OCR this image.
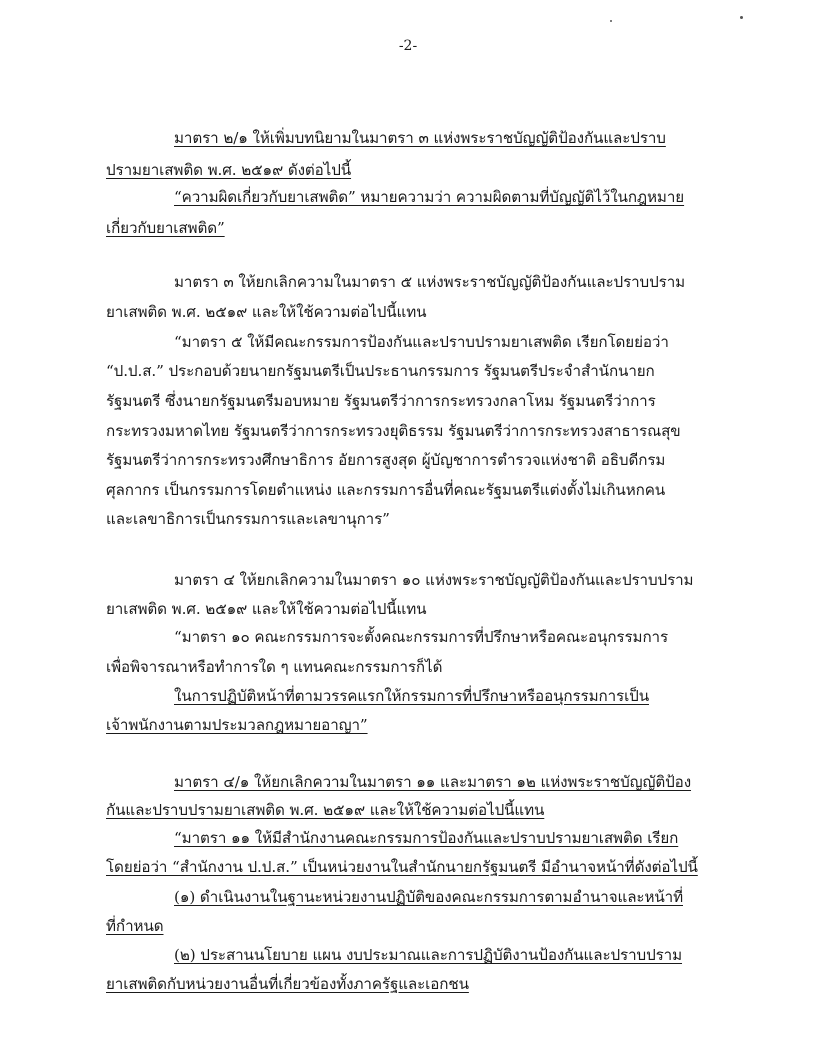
-2-
มาตรา ๒/๑ ให้เพิ่มบทนิยามในมาตรา ๓ แห่งพระราชบัญญัติป้องกันและปราบ
ปรามยาเสพติด พ.ศ. ๒๕๑๙ ดังต่อไปนี้
“ความผิดเกี่ยวกับยาเสพติด” หมายความว่า ความผิดตามที่บัญญัติไว้ในกฎหมาย
เกี่ยวกับยาเสพติด”
มาตรา ๓ ให้ยกเลิกความในมาตรา ๕ แห่งพระราชบัญญัติป้องกันและปราบปราม
ยาเสพติด พ.ศ. ๒๕๑๙ และให้ใช้ความต่อไปนี้แทน
“มาตรา ๕ ให้มีคณะกรรมการป้องกันและปราบปรามยาเสพติด เรียกโดยย่อว่า
“ป.ป.ส.” ประกอบด้วยนายกรัฐมนตรีเป็นประธานกรรมการ รัฐมนตรีประจำสำนักนายก
รัฐมนตรี ซึ่งนายกรัฐมนตรีมอบหมาย รัฐมนตรีว่าการกระทรวงกลาโหม รัฐมนตรีว่าการ
กระทรวงมหาดไทย รัฐมนตรีว่าการกระทรวงยุติธรรม รัฐมนตรีว่าการกระทรวงสาธารณสุข
รัฐมนตรีว่าการกระทรวงศึกษาธิการ อัยการสูงสุด ผู้บัญชาการตำรวจแห่งชาติ อธิบดีกรม
ศุลกากร เป็นกรรมการโดยตำแหน่ง และกรรมการอื่นที่คณะรัฐมนตรีแต่งตั้งไม่เกินหกคน
และเลขาธิการเป็นกรรมการและเลขานุการ”
มาตรา ๔ ให้ยกเลิกความในมาตรา ๑๐ แห่งพระราชบัญญัติป้องกันและปราบปราม
ยาเสพติด พ.ศ. ๒๕๑๙ และให้ใช้ความต่อไปนี้แทน
“มาตรา ๑๐ คณะกรรมการจะตั้งคณะกรรมการที่ปรึกษาหรือคณะอนุกรรมการ
เพื่อพิจารณาหรือทำการใด ๆ แทนคณะกรรมการก็ได้
ในการปฏิบัติหน้าที่ตามวรรคแรกให้กรรมการที่ปรึกษาหรืออนุกรรมการเป็น
เจ้าพนักงานตามประมวลกฎหมายอาญา”
มาตรา ๔/๑ ให้ยกเลิกความในมาตรา ๑๑ และมาตรา ๑๒ แห่งพระราชบัญญัติป้อง
กันและปราบปรามยาเสพติด พ.ศ. ๒๕๑๙ และให้ใช้ความต่อไปนี้แทน
“มาตรา ๑๑ ให้มีสำนักงานคณะกรรมการป้องกันและปราบปรามยาเสพติด เรียก
โดยย่อว่า “สำนักงาน ป.ป.ส.” เป็นหน่วยงานในสำนักนายกรัฐมนตรี มีอำนาจหน้าที่ดังต่อไปนี้
(๑) ดำเนินงานในฐานะหน่วยงานปฏิบัติของคณะกรรมการตามอำนาจและหน้าที่
ที่กำหนด
(๒) ประสานนโยบาย แผน งบประมาณและการปฏิบัติงานป้องกันและปราบปราม
ยาเสพติดกับหน่วยงานอื่นที่เกี่ยวข้องทั้งภาครัฐและเอกชน
